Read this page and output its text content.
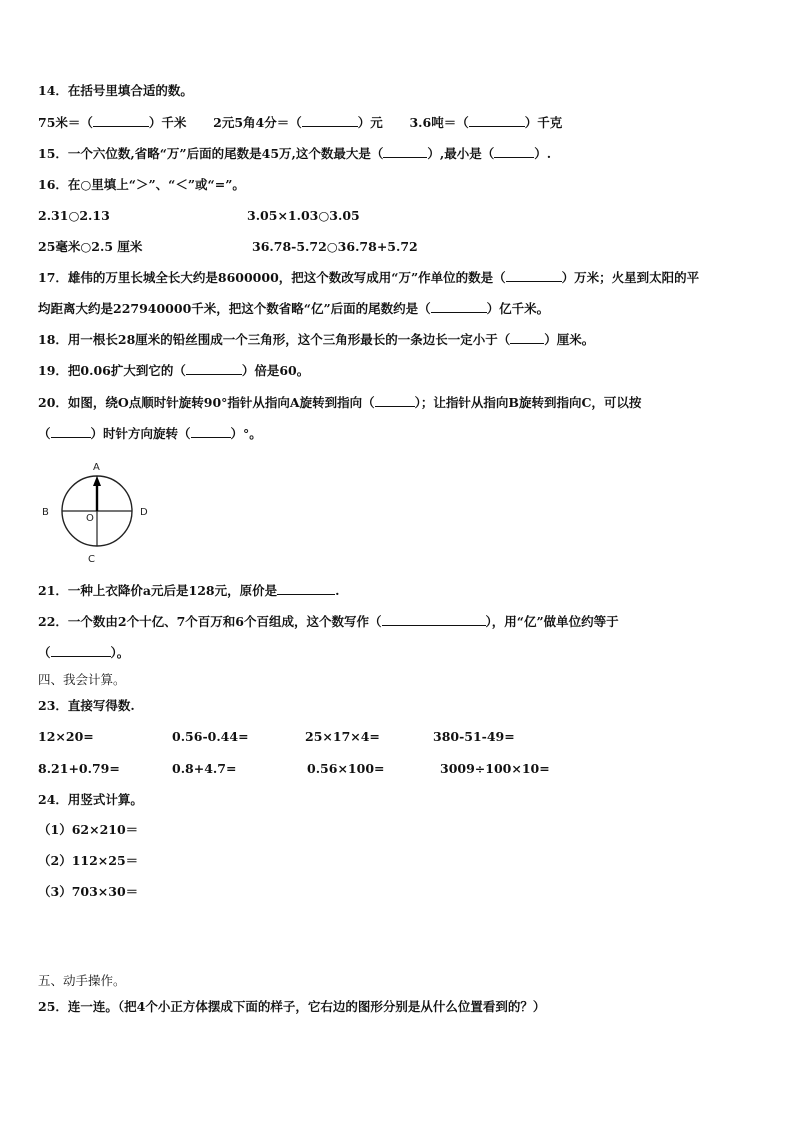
14．在括号里填合适的数。
75米＝（	）千米 2元5角4分＝（	）元 3.6吨＝（	）千克
15．一个六位数,省略“万”后面的尾数是45万,这个数最大是（	）,最小是（	）.
16．在○里填上“＞”、“＜”或“=”。
2.31○2.13	3.05×1.03○3.05
25毫米○2.5 厘米	36.78-5.72○36.78+5.72
17．雄伟的万里长城全长大约是8600000，把这个数改写成用“万”作单位的数是（	）万米；火星到太阳的平
均距离大约是227940000千米，把这个数省略“亿”后面的尾数约是（	）亿千米。
18．用一根长28厘米的铅丝围成一个三角形，这个三角形最长的一条边长一定小于（	）厘米。
19．把0.06扩大到它的（	）倍是60。
20．如图，绕O点顺时针旋转90°指针从指向A旋转到指向（	）；让指针从指向B旋转到指向C，可以按
（	）时针方向旋转（	）°。
A
B
C
D
O
21．一种上衣降价a元后是128元，原价是	.
22．一个数由2个十亿、7个百万和6个百组成，这个数写作（	），用“亿”做单位约等于
（	）。
四、我会计算。
23．直接写得数.
12×20=	0.56-0.44=	25×17×4=	380-51-49=
8.21+0.79=	0.8+4.7=	0.56×100=	3009÷100×10=
24．用竖式计算。
（1）62×210＝
（2）112×25＝
（3）703×30＝
五、动手操作。
25．连一连。（把4个小正方体摆成下面的样子，它右边的图形分别是从什么位置看到的？）
